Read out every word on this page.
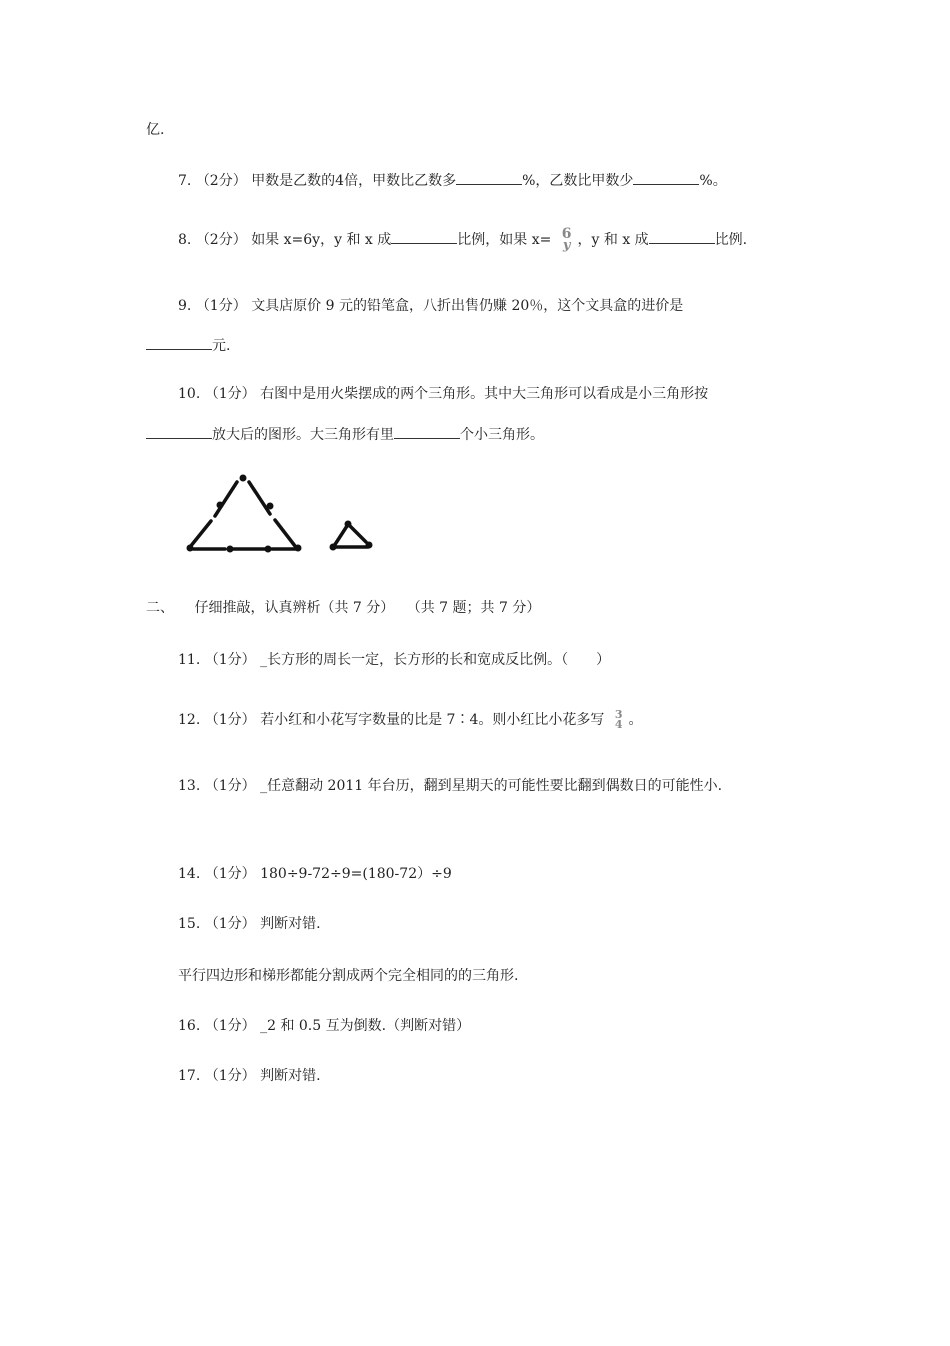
亿.
7. （2分） 甲数是乙数的4倍，甲数比乙数多	%，乙数比甲数少	%。
8. （2分） 如果 x=6y，y 和 x 成	比例，如果 x= 6
y ，y 和 x 成	比例.
9. （1分） 文具店原价 9 元的铅笔盒，八折出售仍赚 20％，这个文具盒的进价是
元.
10. （1分） 右图中是用火柴摆成的两个三角形。其中大三角形可以看成是小三角形按
放大后的图形。大三角形有里	个小三角形。
二、 仔细推敲，认真辨析（共 7 分） （共 7 题；共 7 分）
11. （1分） _长方形的周长一定，长方形的长和宽成反比例。（　　）
12. （1分） 若小红和小花写字数量的比是 7∶4。则小红比小花多写 3
4 。
13. （1分） _任意翻动 2011 年台历，翻到星期天的可能性要比翻到偶数日的可能性小.
14. （1分） 180÷9-72÷9=(180-72）÷9
15. （1分） 判断对错.
平行四边形和梯形都能分割成两个完全相同的的三角形.
16. （1分） _2 和 0.5 互为倒数.（判断对错）
17. （1分） 判断对错.
